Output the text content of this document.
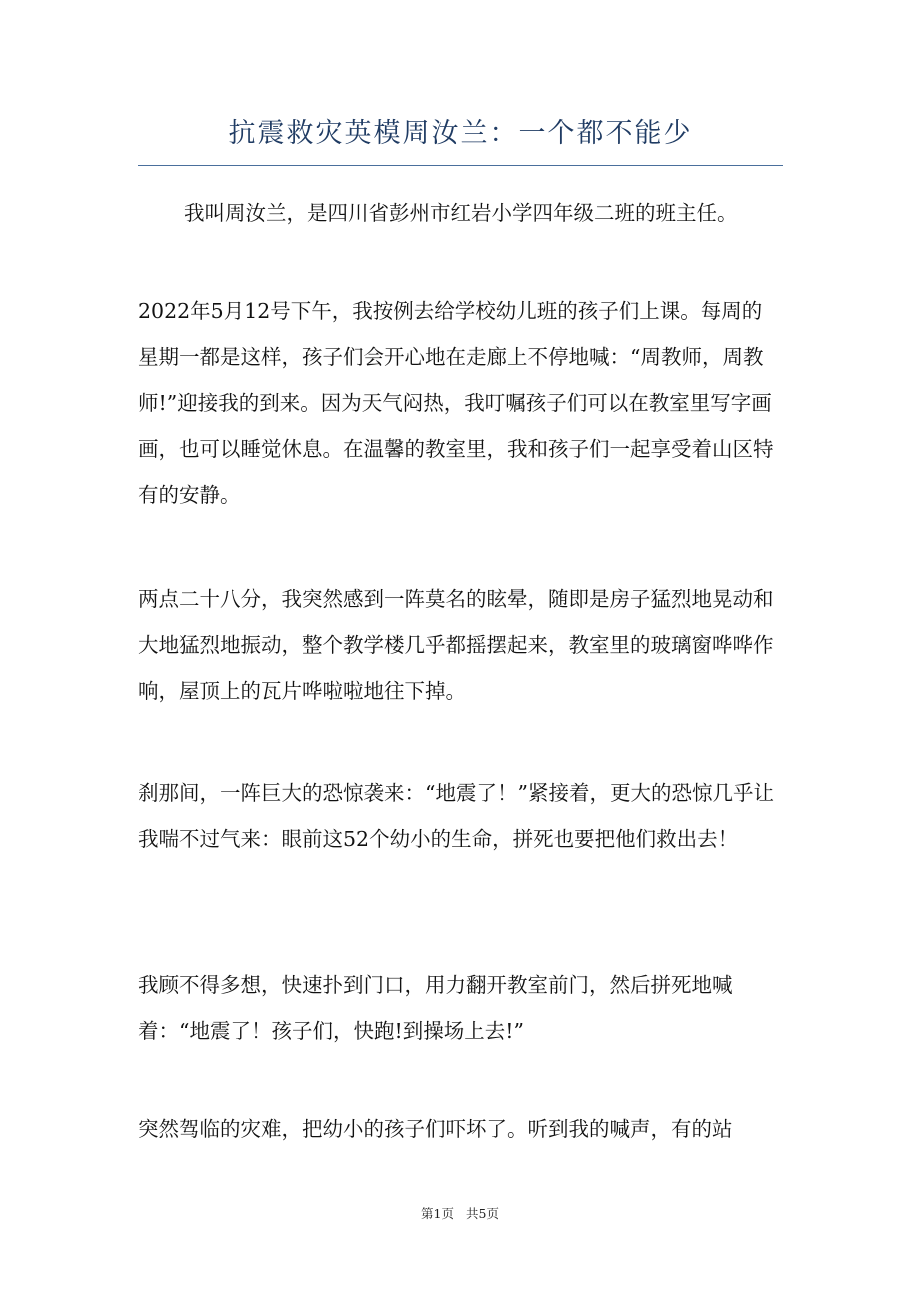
抗震救灾英模周汝兰：一个都不能少

我叫周汝兰，是四川省彭州市红岩小学四年级二班的班主任。

2022年5月12号下午，我按例去给学校幼儿班的孩子们上课。每周的星期一都是这样，孩子们会开心地在走廊上不停地喊：“周教师，周教师!”迎接我的到来。因为天气闷热，我叮嘱孩子们可以在教室里写字画画，也可以睡觉休息。在温馨的教室里，我和孩子们一起享受着山区特有的安静。

两点二十八分，我突然感到一阵莫名的眩晕，随即是房子猛烈地晃动和大地猛烈地振动，整个教学楼几乎都摇摆起来，教室里的玻璃窗哗哗作响，屋顶上的瓦片哗啦啦地往下掉。

刹那间，一阵巨大的恐惊袭来：“地震了！”紧接着，更大的恐惊几乎让我喘不过气来：眼前这52个幼小的生命，拼死也要把他们救出去！

我顾不得多想，快速扑到门口，用力翻开教室前门，然后拼死地喊着：“地震了！孩子们，快跑!到操场上去!”

突然驾临的灾难，把幼小的孩子们吓坏了。听到我的喊声，有的站

第1页 共5页
